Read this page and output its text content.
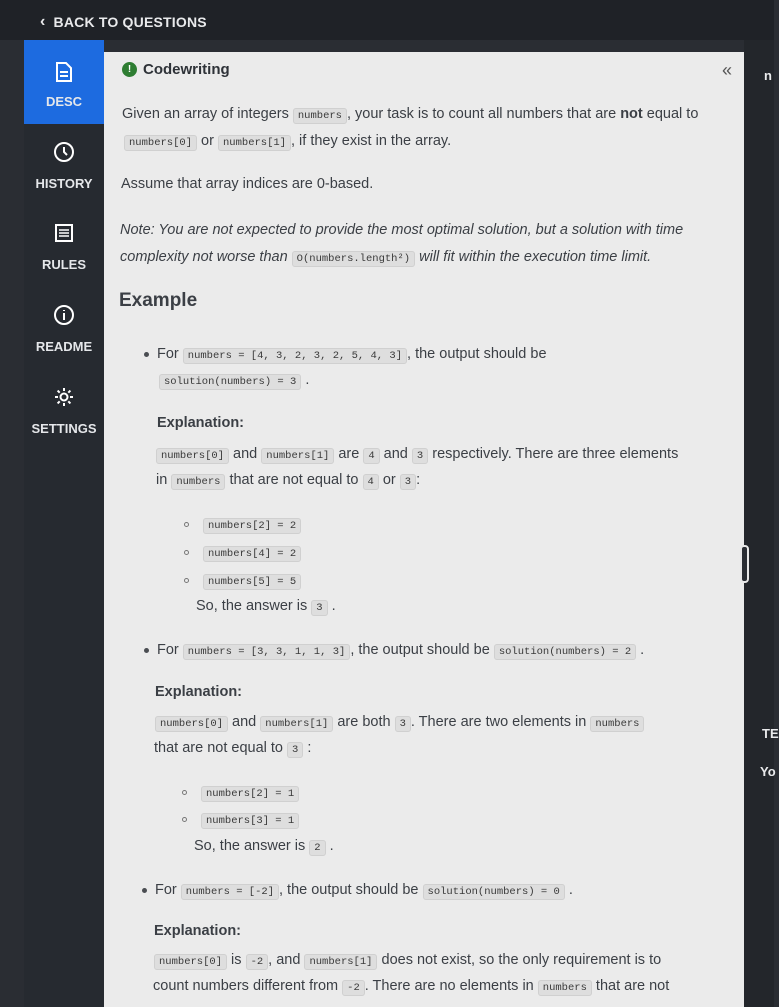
‹ BACK TO QUESTIONS
DESC
HISTORY
RULES
README
SETTINGS
! Codewriting	«
Given an array of integers numbers , your task is to count all numbers that are not equal to
numbers[0] or numbers[1] , if they exist in the array.
Assume that array indices are 0-based.
Note: You are not expected to provide the most optimal solution, but a solution with time
complexity not worse than O(numbers.length²) will fit within the execution time limit.
Example
For numbers = [4, 3, 2, 3, 2, 5, 4, 3] , the output should be
solution(numbers) = 3 .
Explanation:
numbers[0] and numbers[1] are 4 and 3 respectively. There are three elements
in numbers that are not equal to 4 or 3 :
numbers[2] = 2
numbers[4] = 2
numbers[5] = 5
So, the answer is 3 .
For numbers = [3, 3, 1, 1, 3] , the output should be solution(numbers) = 2 .
Explanation:
numbers[0] and numbers[1] are both 3 . There are two elements in numbers
that are not equal to 3 :
numbers[2] = 1
numbers[3] = 1
So, the answer is 2 .
For numbers = [-2] , the output should be solution(numbers) = 0 .
Explanation:
numbers[0] is -2 , and numbers[1] does not exist, so the only requirement is to
count numbers different from -2 . There are no elements in numbers that are not
n
TE
Yo
